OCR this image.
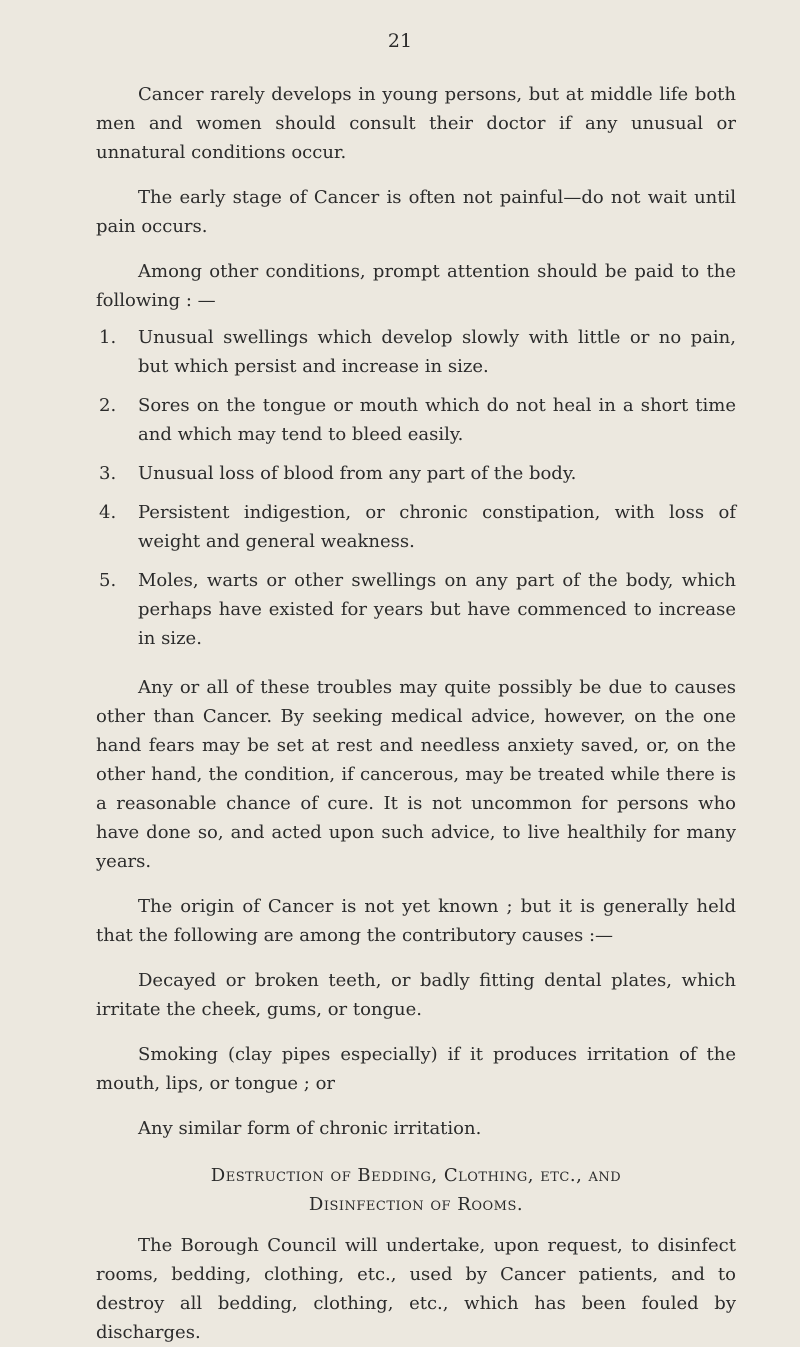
21

Cancer rarely develops in young persons, but at middle life both men and women should consult their doctor if any unusual or unnatural conditions occur.

The early stage of Cancer is often not painful—do not wait until pain occurs.

Among other conditions, prompt attention should be paid to the following : —

1. Unusual swellings which develop slowly with little or no pain, but which persist and increase in size.
2. Sores on the tongue or mouth which do not heal in a short time and which may tend to bleed easily.
3. Unusual loss of blood from any part of the body.
4. Persistent indigestion, or chronic constipation, with loss of weight and general weakness.
5. Moles, warts or other swellings on any part of the body, which perhaps have existed for years but have commenced to increase in size.

Any or all of these troubles may quite possibly be due to causes other than Cancer. By seeking medical advice, however, on the one hand fears may be set at rest and needless anxiety saved, or, on the other hand, the condition, if cancerous, may be treated while there is a reasonable chance of cure. It is not uncommon for persons who have done so, and acted upon such advice, to live healthily for many years.

The origin of Cancer is not yet known ; but it is generally held that the following are among the contributory causes :—

Decayed or broken teeth, or badly fitting dental plates, which irritate the cheek, gums, or tongue.

Smoking (clay pipes especially) if it produces irritation of the mouth, lips, or tongue ; or

Any similar form of chronic irritation.

Destruction of Bedding, Clothing, etc., and
Disinfection of Rooms.

The Borough Council will undertake, upon request, to disinfect rooms, bedding, clothing, etc., used by Cancer patients, and to destroy all bedding, clothing, etc., which has been fouled by discharges.
